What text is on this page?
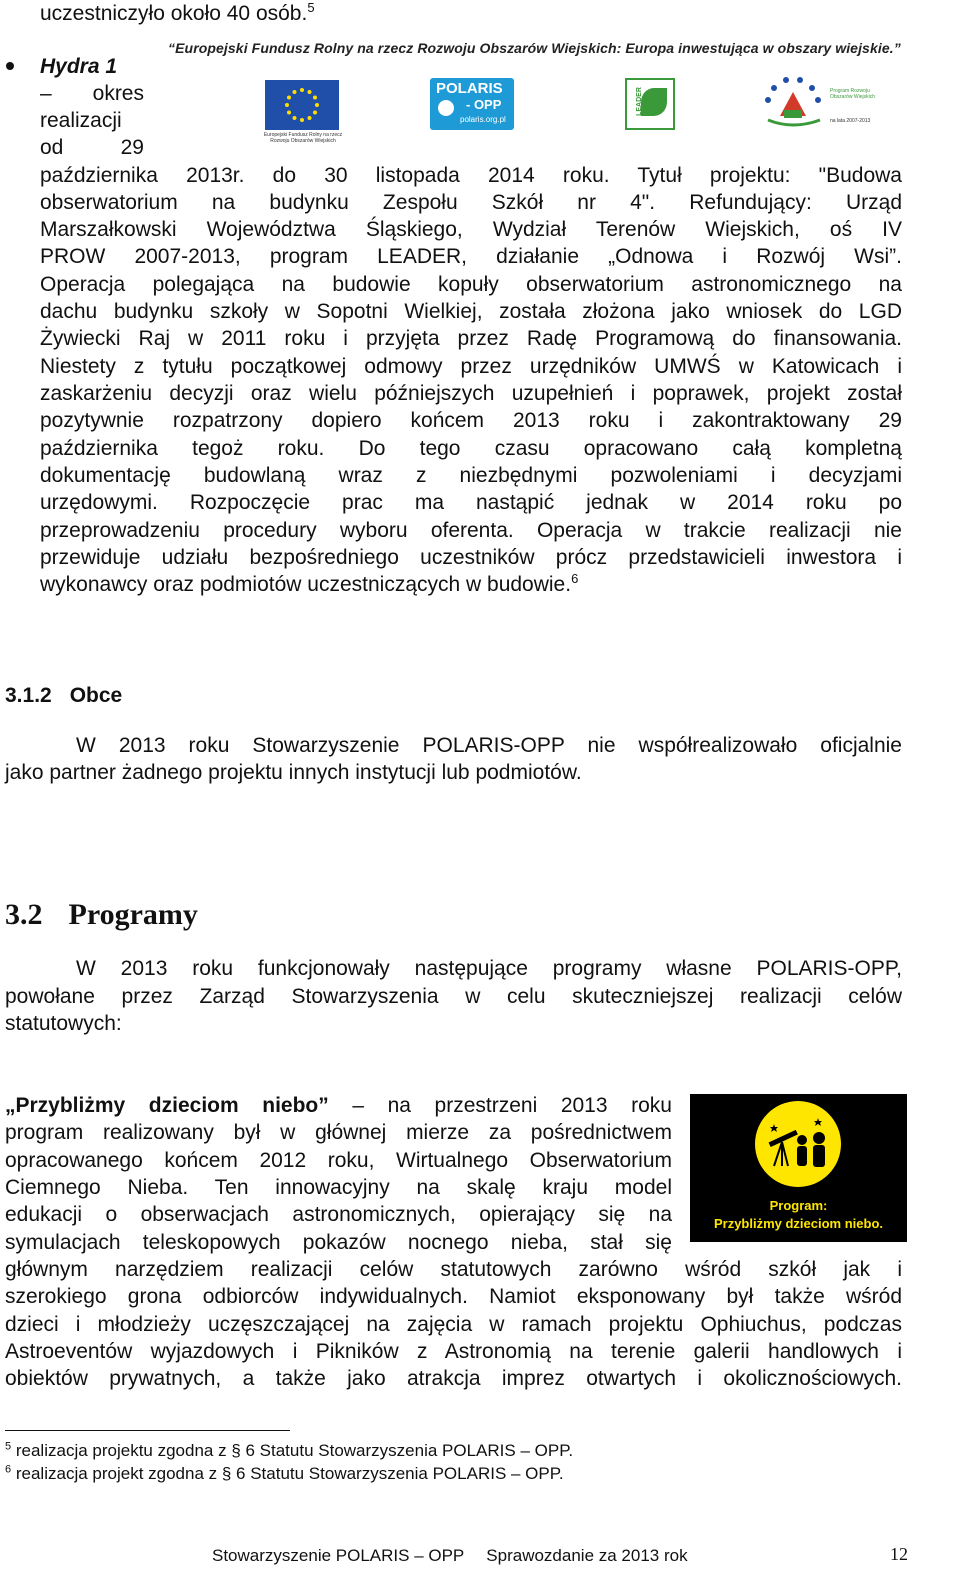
uczestniczyło około 40 osób.$^5$
“Europejski Fundusz Rolny na rzecz Rozwoju Obszarów Wiejskich: Europa inwestująca w obszary wiejskie.”
Europejski Fundusz Rolny na rzecz Rozwoju Obszarów Wiejskich
POLARIS
- OPP
polaris.org.pl
LEADER	Program Rozwoju Obszarów Wiejskich
na lata 2007-2013
Hydra 1
– okres
realizacji
od 29
października 2013r. do 30 listopada 2014 roku. Tytuł projektu: "Budowa
obserwatorium na budynku Zespołu Szkół nr 4". Refundujący: Urząd
Marszałkowski Województwa Śląskiego, Wydział Terenów Wiejskich, oś IV
PROW 2007-2013, program LEADER, działanie „Odnowa i Rozwój Wsi”.
Operacja polegająca na budowie kopuły obserwatorium astronomicznego na
dachu budynku szkoły w Sopotni Wielkiej, została złożona jako wniosek do LGD
Żywiecki Raj w 2011 roku i przyjęta przez Radę Programową do finansowania.
Niestety z tytułu początkowej odmowy przez urzędników UMWŚ w Katowicach i
zaskarżeniu decyzji oraz wielu późniejszych uzupełnień i poprawek, projekt został
pozytywnie rozpatrzony dopiero końcem 2013 roku i zakontraktowany 29
października tegoż roku. Do tego czasu opracowano całą kompletną
dokumentację budowlaną wraz z niezbędnymi pozwoleniami i decyzjami
urzędowymi. Rozpoczęcie prac ma nastąpić jednak w 2014 roku po
przeprowadzeniu procedury wyboru oferenta. Operacja w trakcie realizacji nie
przewiduje udziału bezpośredniego uczestników prócz przedstawicieli inwestora i
wykonawcy oraz podmiotów uczestniczących w budowie.$^6$
3.1.2 Obce
W 2013 roku Stowarzyszenie POLARIS-OPP nie współrealizowało oficjalnie
jako partner żadnego projektu innych instytucji lub podmiotów.
3.2 Programy
W 2013 roku funkcjonowały następujące programy własne POLARIS-OPP,
powołane przez Zarząd Stowarzyszenia w celu skuteczniejszej realizacji celów
statutowych:
„Przybliżmy dzieciom niebo” – na przestrzeni 2013 roku
program realizowany był w głównej mierze za pośrednictwem
opracowanego końcem 2012 roku, Wirtualnego Obserwatorium
Ciemnego Nieba. Ten innowacyjny na skalę kraju model
edukacji o obserwacjach astronomicznych, opierający się na
symulacjach teleskopowych pokazów nocnego nieba, stał się
głównym narzędziem realizacji celów statutowych zarówno wśród szkół jak i
szerokiego grona odbiorców indywidualnych. Namiot eksponowany był także wśród
dzieci i młodzieży uczęszczającej na zajęcia w ramach projektu Ophiuchus, podczas
Astroeventów wyjazdowych i Pikników z Astronomią na terenie galerii handlowych i
obiektów prywatnych, a także jako atrakcja imprez otwartych i okolicznościowych.
Program:
Przybliżmy dzieciom niebo.
$^5$ realizacja projektu zgodna z § 6 Statutu Stowarzyszenia POLARIS – OPP.
$^6$ realizacja projekt zgodna z § 6 Statutu Stowarzyszenia POLARIS – OPP.
Stowarzyszenie POLARIS – OPP Sprawozdanie za 2013 rok	12
